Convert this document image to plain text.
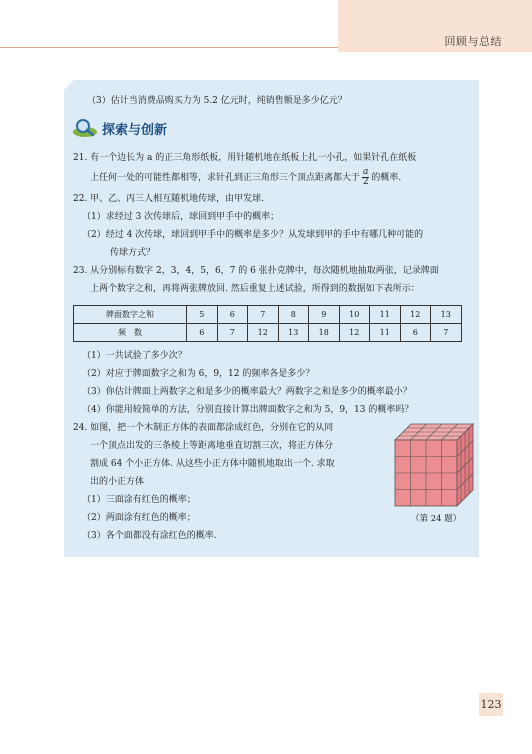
回顾与总结
（3）估计当消费品购买力为 5.2 亿元时，纯销售额是多少亿元？
探索与创新
21. 有一个边长为 a 的正三角形纸板，用针随机地在纸板上扎一小孔，如果针孔在纸板
上任何一处的可能性都相等，求针孔到正三角形三个顶点距离都大于 $\frac{a}{2}$ 的概率.
22. 甲、乙、丙三人相互随机地传球，由甲发球.
（1）求经过 3 次传球后，球回到甲手中的概率；
（2）经过 4 次传球，球回到甲手中的概率是多少？从发球到甲的手中有哪几种可能的
传球方式？
23. 从分别标有数字 2，3，4，5，6，7 的 6 张扑克牌中，每次随机地抽取两张，记录牌面
上两个数字之和，再将两张牌放回. 然后重复上述试验，所得到的数据如下表所示：
牌面数字之和	5	6	7	8	9	10	11	12	13
频　数	6	7	12	13	18	12	11	6	7
（1）一共试验了多少次？
（2）对应于牌面数字之和为 6，9，12 的频率各是多少？
（3）你估计牌面上两数字之和是多少的概率最大？两数字之和是多少的概率最小？
（4）你能用较简单的方法，分别直接计算出牌面数字之和为 5，9，13 的概率吗？
24. 如图，把一个木制正方体的表面都涂成红色，分别在它的从同
一个顶点出发的三条棱上等距离地垂直切割三次，将正方体分
割成 64 个小正方体. 从这些小正方体中随机地取出一个. 求取
出的小正方体
（1）三面涂有红色的概率；
（2）两面涂有红色的概率；
（3）各个面都没有涂红色的概率.
（第 24 题）
123
